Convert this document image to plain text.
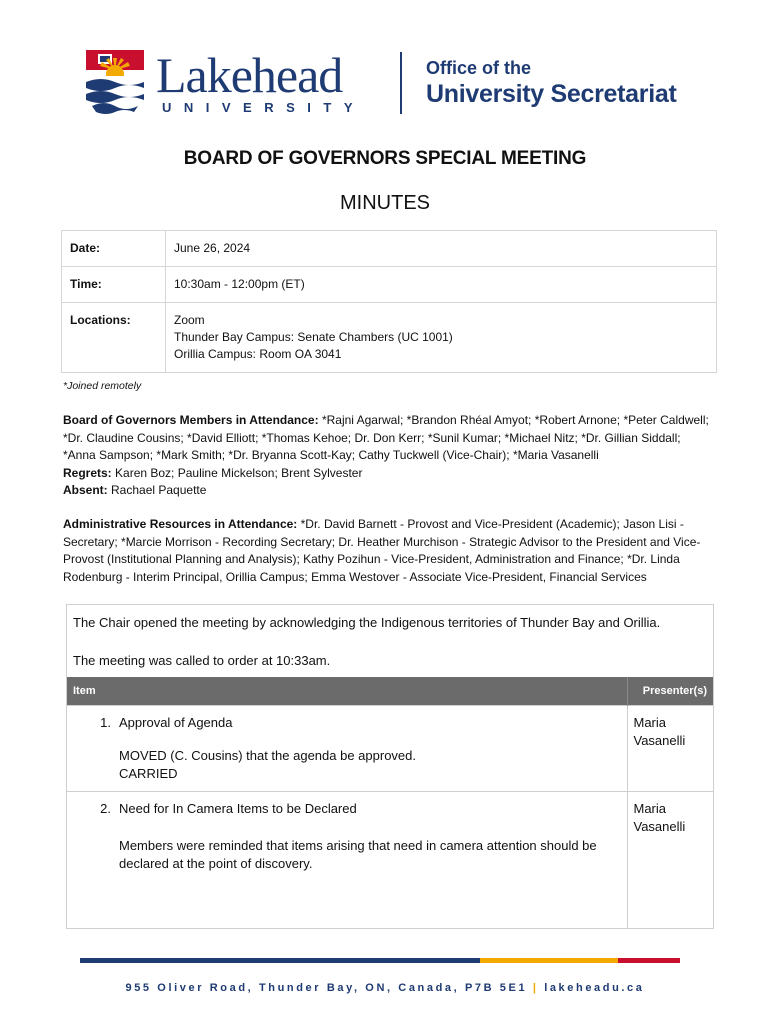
Lakehead
UNIVERSITY
Office of the
University Secretariat
BOARD OF GOVERNORS SPECIAL MEETING
MINUTES
Date:	June 26, 2024
Time:	10:30am - 12:00pm (ET)
Locations:	Zoom
Thunder Bay Campus: Senate Chambers (UC 1001)
Orillia Campus: Room OA 3041
*Joined remotely
Board of Governors Members in Attendance: *Rajni Agarwal; *Brandon Rhéal Amyot; *Robert Arnone; *Peter Caldwell; *Dr. Claudine Cousins; *David Elliott; *Thomas Kehoe; Dr. Don Kerr; *Sunil Kumar; *Michael Nitz; *Dr. Gillian Siddall; *Anna Sampson; *Mark Smith; *Dr. Bryanna Scott-Kay; Cathy Tuckwell (Vice-Chair); *Maria Vasanelli
Regrets: Karen Boz; Pauline Mickelson; Brent Sylvester
Absent: Rachael Paquette
Administrative Resources in Attendance: *Dr. David Barnett - Provost and Vice-President (Academic); Jason Lisi - Secretary; *Marcie Morrison - Recording Secretary; Dr. Heather Murchison - Strategic Advisor to the President and Vice-Provost (Institutional Planning and Analysis); Kathy Pozihun - Vice-President, Administration and Finance; *Dr. Linda Rodenburg - Interim Principal, Orillia Campus; Emma Westover - Associate Vice-President, Financial Services
The Chair opened the meeting by acknowledging the Indigenous territories of Thunder Bay and Orillia.
The meeting was called to order at 10:33am.
Item		Presenter(s)
1.	Approval of Agenda
MOVED (C. Cousins) that the agenda be approved.
CARRIED	Maria Vasanelli
2.	Need for In Camera Items to be Declared
Members were reminded that items arising that need in camera attention should be declared at the point of discovery.	Maria Vasanelli
955 Oliver Road, Thunder Bay, ON, Canada, P7B 5E1 | lakeheadu.ca
